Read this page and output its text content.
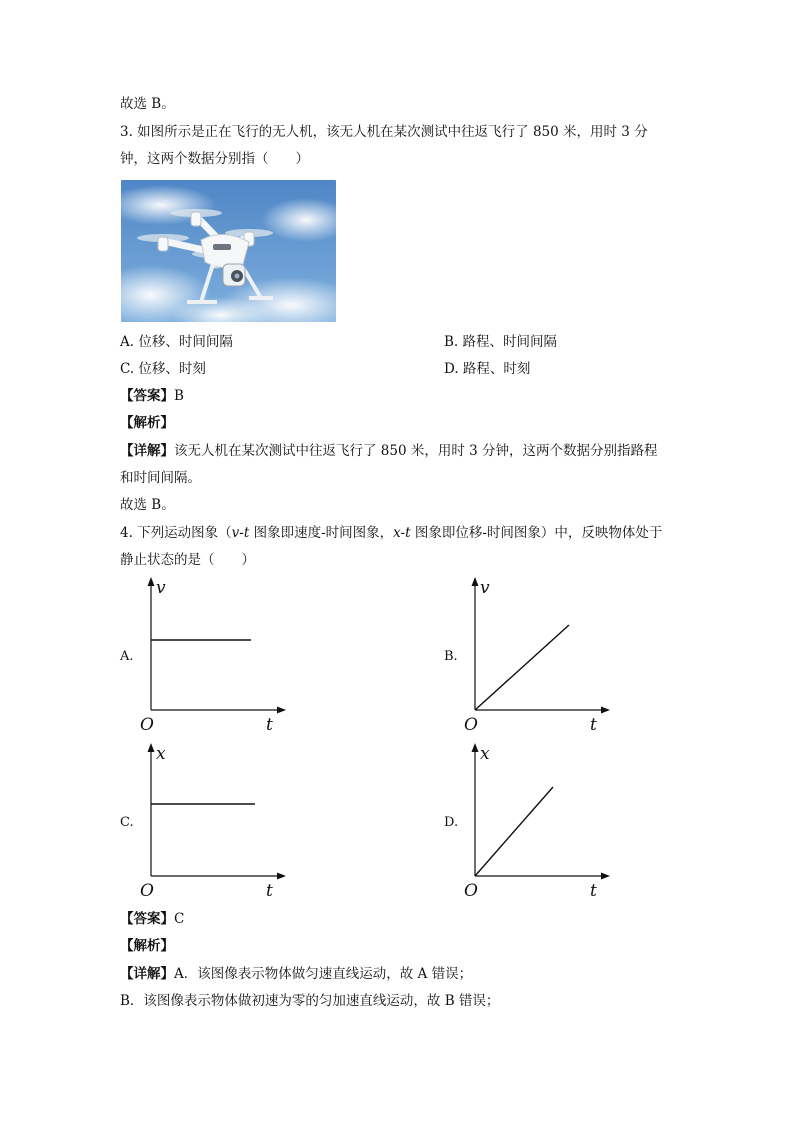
故选 B。
3. 如图所示是正在飞行的无人机，该无人机在某次测试中往返飞行了 850 米，用时 3 分
钟，这两个数据分别指（　　）
A. 位移、时间间隔	B. 路程、时间间隔
C. 位移、时刻	D. 路程、时刻
【答案】B
【解析】
【详解】该无人机在某次测试中往返飞行了 850 米，用时 3 分钟，这两个数据分别指路程
和时间间隔。
故选 B。
4. 下列运动图象（v-t 图象即速度-时间图象，x-t 图象即位移-时间图象）中，反映物体处于
静止状态的是（　　）
A.
v
t
O
B.
v
t
O
C.
x
t
O
D.
x
t
O
【答案】C
【解析】
【详解】A．该图像表示物体做匀速直线运动，故 A 错误；
B．该图像表示物体做初速为零的匀加速直线运动，故 B 错误；
